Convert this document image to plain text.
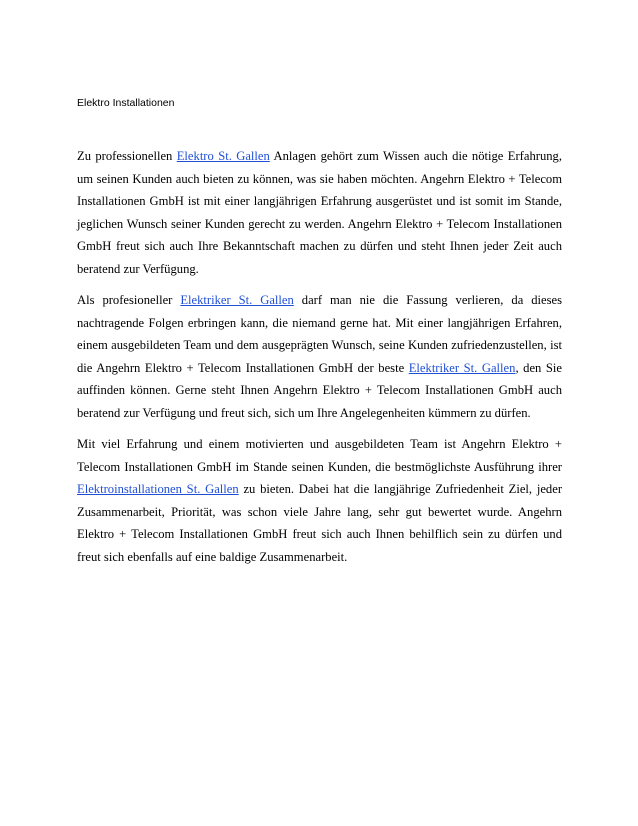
Elektro Installationen

Zu professionellen Elektro St. Gallen Anlagen gehört zum Wissen auch die nötige Erfahrung, um seinen Kunden auch bieten zu können, was sie haben möchten. Angehrn Elektro + Telecom Installationen GmbH ist mit einer langjährigen Erfahrung ausgerüstet und ist somit im Stande, jeglichen Wunsch seiner Kunden gerecht zu werden. Angehrn Elektro + Telecom Installationen GmbH freut sich auch Ihre Bekanntschaft machen zu dürfen und steht Ihnen jeder Zeit auch beratend zur Verfügung.

Als profesioneller Elektriker St. Gallen darf man nie die Fassung verlieren, da dieses nachtragende Folgen erbringen kann, die niemand gerne hat. Mit einer langjährigen Erfahren, einem ausgebildeten Team und dem ausgeprägten Wunsch, seine Kunden zufriedenzustellen, ist die Angehrn Elektro + Telecom Installationen GmbH der beste Elektriker St. Gallen, den Sie auffinden können. Gerne steht Ihnen Angehrn Elektro + Telecom Installationen GmbH auch beratend zur Verfügung und freut sich, sich um Ihre Angelegenheiten kümmern zu dürfen.

Mit viel Erfahrung und einem motivierten und ausgebildeten Team ist Angehrn Elektro + Telecom Installationen GmbH im Stande seinen Kunden, die bestmöglichste Ausführung ihrer Elektroinstallationen St. Gallen zu bieten. Dabei hat die langjährige Zufriedenheit Ziel, jeder Zusammenarbeit, Priorität, was schon viele Jahre lang, sehr gut bewertet wurde. Angehrn Elektro + Telecom Installationen GmbH freut sich auch Ihnen behilflich sein zu dürfen und freut sich ebenfalls auf eine baldige Zusammenarbeit.
